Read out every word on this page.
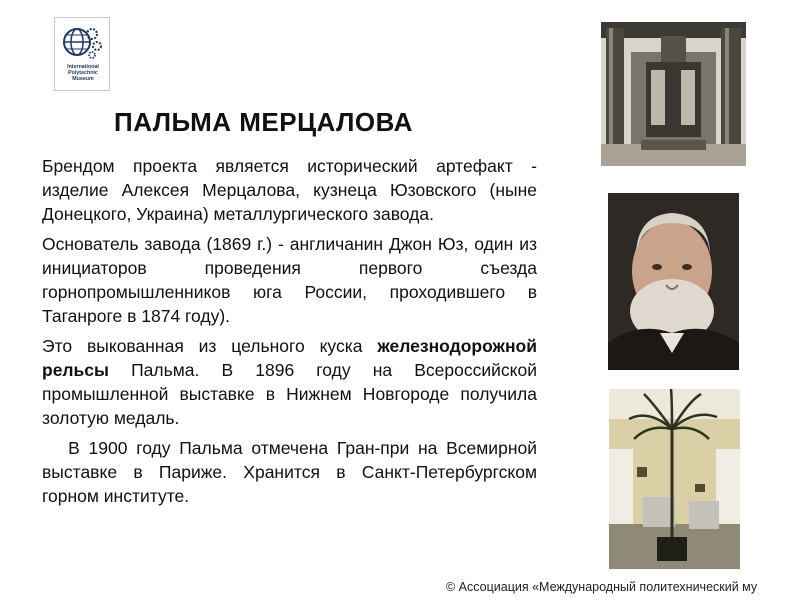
International
Polytechnic
Museum
ПАЛЬМА МЕРЦАЛОВА

Брендом проекта является исторический артефакт - изделие Алексея Мерцалова, кузнеца Юзовского (ныне Донецкого, Украина) металлургического завода.

Основатель завода (1869 г.) - англичанин Джон Юз, один из инициаторов проведения первого съезда горнопромышленников юга России, проходившего в Таганроге в 1874 году).

Это выкованная из цельного куска железнодорожной рельсы Пальма. В 1896 году на Всероссийской промышленной выставке в Нижнем Новгороде получила золотую медаль.

В 1900 году Пальма отмечена Гран-при на Всемирной выставке в Париже. Хранится в Санкт-Петербургском горном институте.

© Ассоциация «Международный политехнический му
